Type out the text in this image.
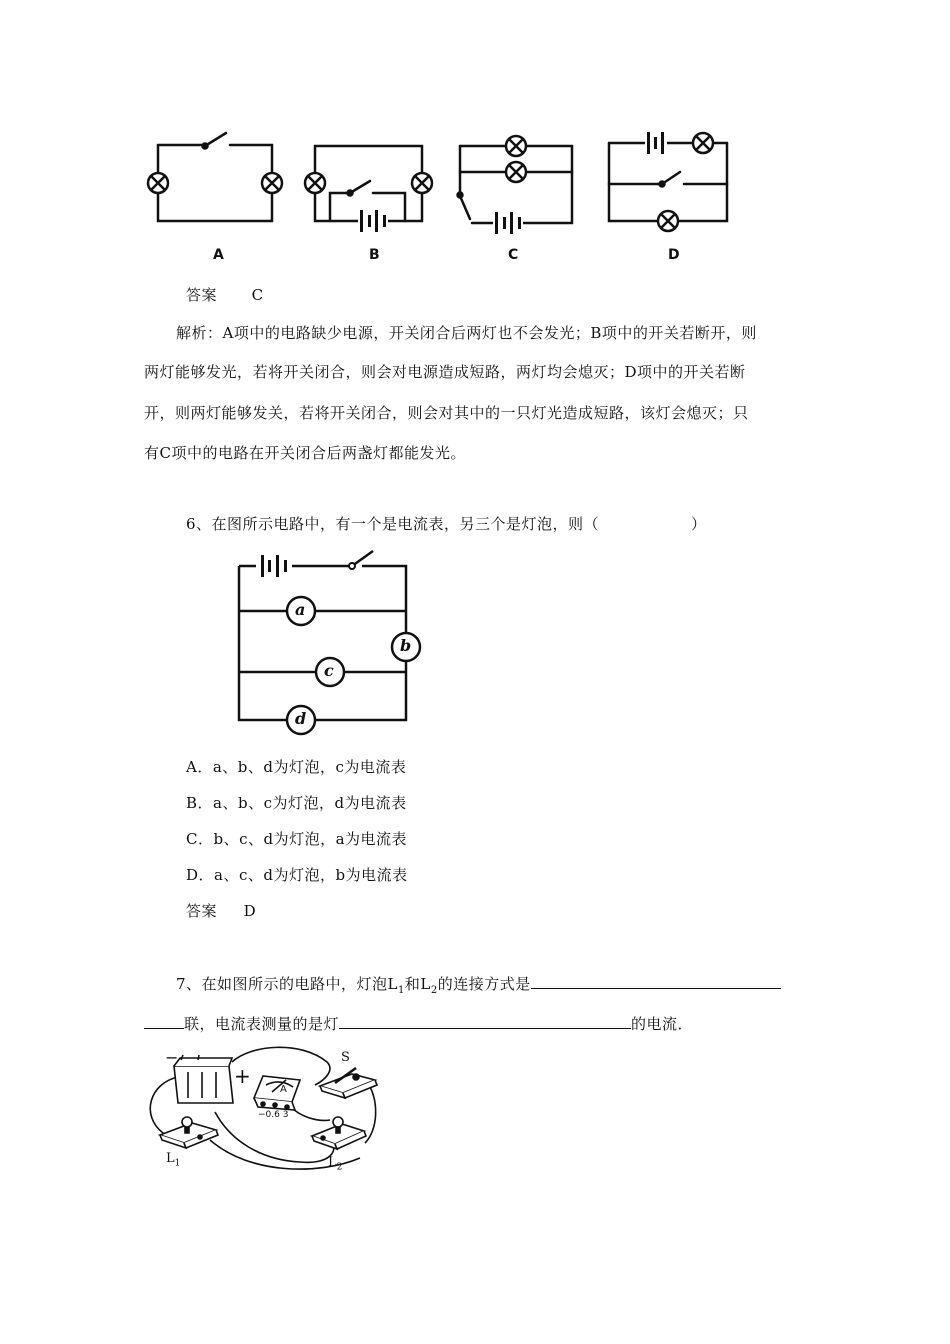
A	B	C	D
答案 C
解析：A项中的电路缺少电源，开关闭合后两灯也不会发光；B项中的开关若断开，则
两灯能够发光，若将开关闭合，则会对电源造成短路，两灯均会熄灭；D项中的开关若断
开，则两灯能够发关，若将开关闭合，则会对其中的一只灯光造成短路，该灯会熄灭；只
有C项中的电路在开关闭合后两盏灯都能发光。
6、在图所示电路中，有一个是电流表，另三个是灯泡，则（	）
a
b
c
d
A．a、b、d为灯泡，c为电流表
B．a、b、c为灯泡，d为电流表
C．b、c、d为灯泡，a为电流表
D．a、c、d为灯泡，b为电流表
答案 D
7、在如图所示的电路中，灯泡$L_1$和$L_2$的连接方式是
联，电流表测量的是灯	的电流．
−
+
A
−0.6 3
S
$L_1$	$L_2$
